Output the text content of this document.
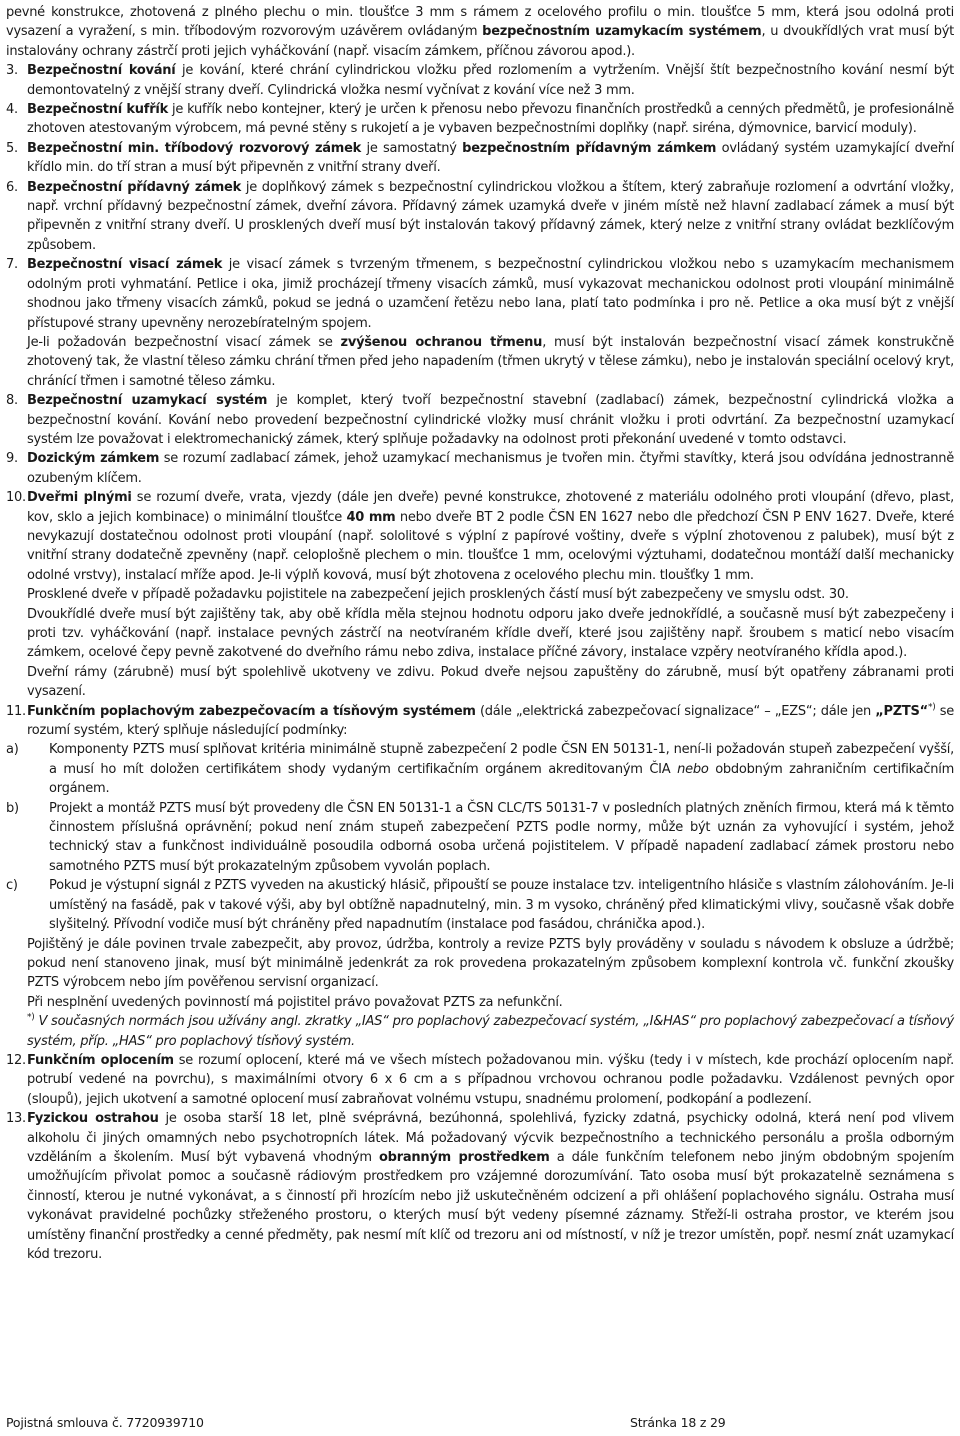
pevné konstrukce, zhotovená z plného plechu o min. tloušťce 3 mm s rámem z ocelového profilu o min. tloušťce 5 mm, která jsou odolná proti vysazení a vyražení, s min. tříbodovým rozvorovým uzávěrem ovládaným bezpečnostním uzamykacím systémem, u dvoukřídlých vrat musí být instalovány ochrany zástrčí proti jejich vyháčkování (např. visacím zámkem, příčnou závorou apod.).

3. Bezpečnostní kování je kování, které chrání cylindrickou vložku před rozlomením a vytržením. Vnější štít bezpečnostního kování nesmí být demontovatelný z vnější strany dveří. Cylindrická vložka nesmí vyčnívat z kování více než 3 mm.

4. Bezpečnostní kufřík je kufřík nebo kontejner, který je určen k přenosu nebo převozu finančních prostředků a cenných předmětů, je profesionálně zhotoven atestovaným výrobcem, má pevné stěny s rukojetí a je vybaven bezpečnostními doplňky (např. siréna, dýmovnice, barvicí moduly).

5. Bezpečnostní min. tříbodový rozvorový zámek je samostatný bezpečnostním přídavným zámkem ovládaný systém uzamykající dveřní křídlo min. do tří stran a musí být připevněn z vnitřní strany dveří.

6. Bezpečnostní přídavný zámek je doplňkový zámek s bezpečnostní cylindrickou vložkou a štítem, který zabraňuje rozlomení a odvrtání vložky, např. vrchní přídavný bezpečnostní zámek, dveřní závora. Přídavný zámek uzamyká dveře v jiném místě než hlavní zadlabací zámek a musí být připevněn z vnitřní strany dveří. U prosklených dveří musí být instalován takový přídavný zámek, který nelze z vnitřní strany ovládat bezklíčovým způsobem.

7. Bezpečnostní visací zámek je visací zámek s tvrzeným třmenem, s bezpečnostní cylindrickou vložkou nebo s uzamykacím mechanismem odolným proti vyhmatání. Petlice i oka, jimiž procházejí třmeny visacích zámků, musí vykazovat mechanickou odolnost proti vloupání minimálně shodnou jako třmeny visacích zámků, pokud se jedná o uzamčení řetězu nebo lana, platí tato podmínka i pro ně. Petlice a oka musí být z vnější přístupové strany upevněny nerozebíratelným spojem.

Je-li požadován bezpečnostní visací zámek se zvýšenou ochranou třmenu, musí být instalován bezpečnostní visací zámek konstrukčně zhotovený tak, že vlastní těleso zámku chrání třmen před jeho napadením (třmen ukrytý v tělese zámku), nebo je instalován speciální ocelový kryt, chránící třmen i samotné těleso zámku.

8. Bezpečnostní uzamykací systém je komplet, který tvoří bezpečnostní stavební (zadlabací) zámek, bezpečnostní cylindrická vložka a bezpečnostní kování. Kování nebo provedení bezpečnostní cylindrické vložky musí chránit vložku i proti odvrtání. Za bezpečnostní uzamykací systém lze považovat i elektromechanický zámek, který splňuje požadavky na odolnost proti překonání uvedené v tomto odstavci.

9. Dozickým zámkem se rozumí zadlabací zámek, jehož uzamykací mechanismus je tvořen min. čtyřmi stavítky, která jsou odvídána jednostranně ozubeným klíčem.

10. Dveřmi plnými se rozumí dveře, vrata, vjezdy (dále jen dveře) pevné konstrukce, zhotovené z materiálu odolného proti vloupání (dřevo, plast, kov, sklo a jejich kombinace) o minimální tloušťce 40 mm nebo dveře BT 2 podle ČSN EN 1627 nebo dle předchozí ČSN P ENV 1627. Dveře, které nevykazují dostatečnou odolnost proti vloupání (např. sololitové s výplní z papírové voštiny, dveře s výplní zhotovenou z palubek), musí být z vnitřní strany dodatečně zpevněny (např. celoplošně plechem o min. tloušťce 1 mm, ocelovými výztuhami, dodatečnou montáží další mechanicky odolné vrstvy), instalací mříže apod. Je-li výplň kovová, musí být zhotovena z ocelového plechu min. tloušťky 1 mm.

Prosklené dveře v případě požadavku pojistitele na zabezpečení jejich prosklených částí musí být zabezpečeny ve smyslu odst. 30.

Dvoukřídlé dveře musí být zajištěny tak, aby obě křídla měla stejnou hodnotu odporu jako dveře jednokřídlé, a současně musí být zabezpečeny i proti tzv. vyháčkování (např. instalace pevných zástrčí na neotvíraném křídle dveří, které jsou zajištěny např. šroubem s maticí nebo visacím zámkem, ocelové čepy pevně zakotvené do dveřního rámu nebo zdiva, instalace příčné závory, instalace vzpěry neotvíraného křídla apod.).

Dveřní rámy (zárubně) musí být spolehlivě ukotveny ve zdivu. Pokud dveře nejsou zapuštěny do zárubně, musí být opatřeny zábranami proti vysazení.

11. Funkčním poplachovým zabezpečovacím a tísňovým systémem (dále „elektrická zabezpečovací signalizace“ – „EZS“; dále jen „PZTS“*) se rozumí systém, který splňuje následující podmínky:

a) Komponenty PZTS musí splňovat kritéria minimálně stupně zabezpečení 2 podle ČSN EN 50131-1, není-li požadován stupeň zabezpečení vyšší, a musí ho mít doložen certifikátem shody vydaným certifikačním orgánem akreditovaným ČIA nebo obdobným zahraničním certifikačním orgánem.
b) Projekt a montáž PZTS musí být provedeny dle ČSN EN 50131-1 a ČSN CLC/TS 50131-7 v posledních platných zněních firmou, která má k těmto činnostem příslušná oprávnění; pokud není znám stupeň zabezpečení PZTS podle normy, může být uznán za vyhovující i systém, jehož technický stav a funkčnost individuálně posoudila odborná osoba určená pojistitelem. V případě napadení zadlabací zámek prostoru nebo samotného PZTS musí být prokazatelným způsobem vyvolán poplach.
c) Pokud je výstupní signál z PZTS vyveden na akustický hlásič, připouští se pouze instalace tzv. inteligentního hlásiče s vlastním zálohováním. Je-li umístěný na fasádě, pak v takové výši, aby byl obtížně napadnutelný, min. 3 m vysoko, chráněný před klimatickými vlivy, současně však dobře slyšitelný. Přívodní vodiče musí být chráněny před napadnutím (instalace pod fasádou, chránička apod.).

Pojištěný je dále povinen trvale zabezpečit, aby provoz, údržba, kontroly a revize PZTS byly prováděny v souladu s návodem k obsluze a údržbě; pokud není stanoveno jinak, musí být minimálně jedenkrát za rok provedena prokazatelným způsobem komplexní kontrola vč. funkční zkoušky PZTS výrobcem nebo jím pověřenou servisní organizací.

Při nesplnění uvedených povinností má pojistitel právo považovat PZTS za nefunkční.

*) V současných normách jsou užívány angl. zkratky „IAS“ pro poplachový zabezpečovací systém, „I&HAS“ pro poplachový zabezpečovací a tísňový systém, příp. „HAS“ pro poplachový tísňový systém.

12. Funkčním oplocením se rozumí oplocení, které má ve všech místech požadovanou min. výšku (tedy i v místech, kde prochází oplocením např. potrubí vedené na povrchu), s maximálními otvory 6 x 6 cm a s případnou vrchovou ochranou podle požadavku. Vzdálenost pevných opor (sloupů), jejich ukotvení a samotné oplocení musí zabraňovat volnému vstupu, snadnému prolomení, podkopání a podlezení.

13. Fyzickou ostrahou je osoba starší 18 let, plně svéprávná, bezúhonná, spolehlivá, fyzicky zdatná, psychicky odolná, která není pod vlivem alkoholu či jiných omamných nebo psychotropních látek. Má požadovaný výcvik bezpečnostního a technického personálu a prošla odborným vzděláním a školením. Musí být vybavená vhodným obranným prostředkem a dále funkčním telefonem nebo jiným obdobným spojením umožňujícím přivolat pomoc a současně rádiovým prostředkem pro vzájemné dorozumívání. Tato osoba musí být prokazatelně seznámena s činností, kterou je nutné vykonávat, a s činností při hrozícím nebo již uskutečněném odcizení a při ohlášení poplachového signálu. Ostraha musí vykonávat pravidelné pochůzky střeženého prostoru, o kterých musí být vedeny písemné záznamy. Střeží-li ostraha prostor, ve kterém jsou umístěny finanční prostředky a cenné předměty, pak nesmí mít klíč od trezoru ani od místností, v níž je trezor umístěn, popř. nesmí znát uzamykací kód trezoru.

Pojistná smlouva č. 7720939710	Stránka 18 z 29
